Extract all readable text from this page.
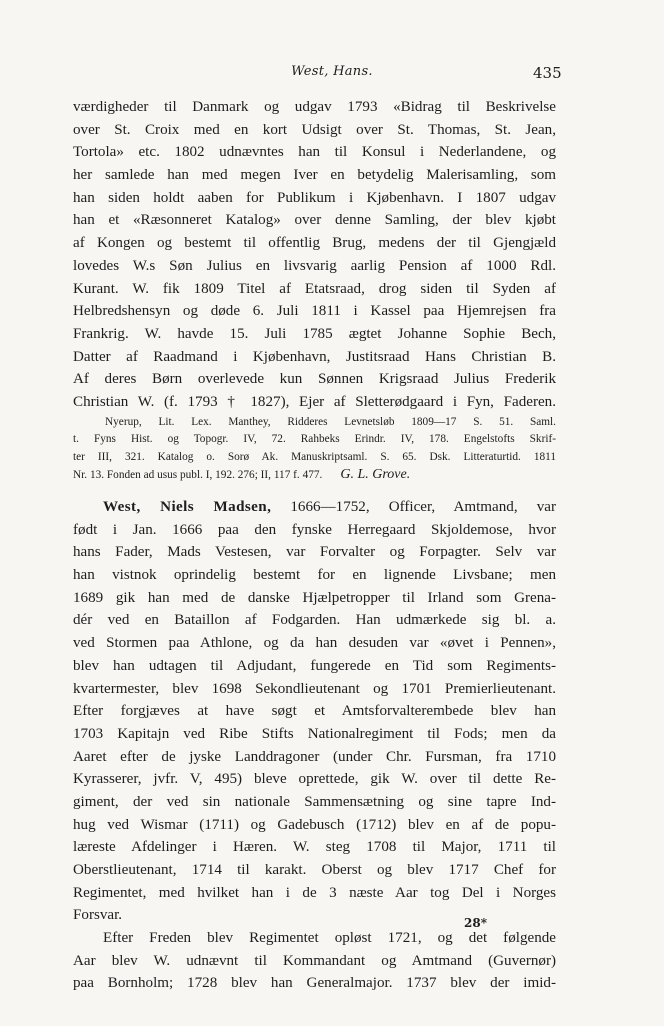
West, Hans.	435
værdigheder til Danmark og udgav 1793 «Bidrag til Beskrivelse
over St. Croix med en kort Udsigt over St. Thomas, St. Jean,
Tortola» etc. 1802 udnævntes han til Konsul i Nederlandene, og
her samlede han med megen Iver en betydelig Malerisamling, som
han siden holdt aaben for Publikum i Kjøbenhavn. I 1807 udgav
han et «Ræsonneret Katalog» over denne Samling, der blev kjøbt
af Kongen og bestemt til offentlig Brug, medens der til Gjengjæld
lovedes W.s Søn Julius en livsvarig aarlig Pension af 1000 Rdl.
Kurant. W. fik 1809 Titel af Etatsraad, drog siden til Syden af
Helbredshensyn og døde 6. Juli 1811 i Kassel paa Hjemrejsen fra
Frankrig. W. havde 15. Juli 1785 ægtet Johanne Sophie Bech,
Datter af Raadmand i Kjøbenhavn, Justitsraad Hans Christian B.
Af deres Børn overlevede kun Sønnen Krigsraad Julius Frederik
Christian W. (f. 1793 † 1827), Ejer af Sletterødgaard i Fyn, Faderen.
Nyerup, Lit. Lex. Manthey, Ridderes Levnetsløb 1809—17 S. 51. Saml.
t. Fyns Hist. og Topogr. IV, 72. Rahbeks Erindr. IV, 178. Engelstofts Skrif-
ter III, 321. Katalog o. Sorø Ak. Manuskriptsaml. S. 65. Dsk. Litteraturtid. 1811
Nr. 13. Fonden ad usus publ. I, 192. 276; II, 117 f. 477. G. L. Grove.
West, Niels Madsen, 1666—1752, Officer, Amtmand, var
født i Jan. 1666 paa den fynske Herregaard Skjoldemose, hvor
hans Fader, Mads Vestesen, var Forvalter og Forpagter. Selv var
han vistnok oprindelig bestemt for en lignende Livsbane; men
1689 gik han med de danske Hjælpetropper til Irland som Grena-
dér ved en Bataillon af Fodgarden. Han udmærkede sig bl. a.
ved Stormen paa Athlone, og da han desuden var «øvet i Pennen»,
blev han udtagen til Adjudant, fungerede en Tid som Regiments-
kvartermester, blev 1698 Sekondlieutenant og 1701 Premierlieutenant.
Efter forgjæves at have søgt et Amtsforvalterembede blev han
1703 Kapitajn ved Ribe Stifts Nationalregiment til Fods; men da
Aaret efter de jyske Landdragoner (under Chr. Fursman, fra 1710
Kyrasserer, jvfr. V, 495) bleve oprettede, gik W. over til dette Re-
giment, der ved sin nationale Sammensætning og sine tapre Ind-
hug ved Wismar (1711) og Gadebusch (1712) blev en af de popu-
læreste Afdelinger i Hæren. W. steg 1708 til Major, 1711 til
Oberstlieutenant, 1714 til karakt. Oberst og blev 1717 Chef for
Regimentet, med hvilket han i de 3 næste Aar tog Del i Norges
Forsvar.
Efter Freden blev Regimentet opløst 1721, og det følgende
Aar blev W. udnævnt til Kommandant og Amtmand (Guvernør)
paa Bornholm; 1728 blev han Generalmajor. 1737 blev der imid-
28*
